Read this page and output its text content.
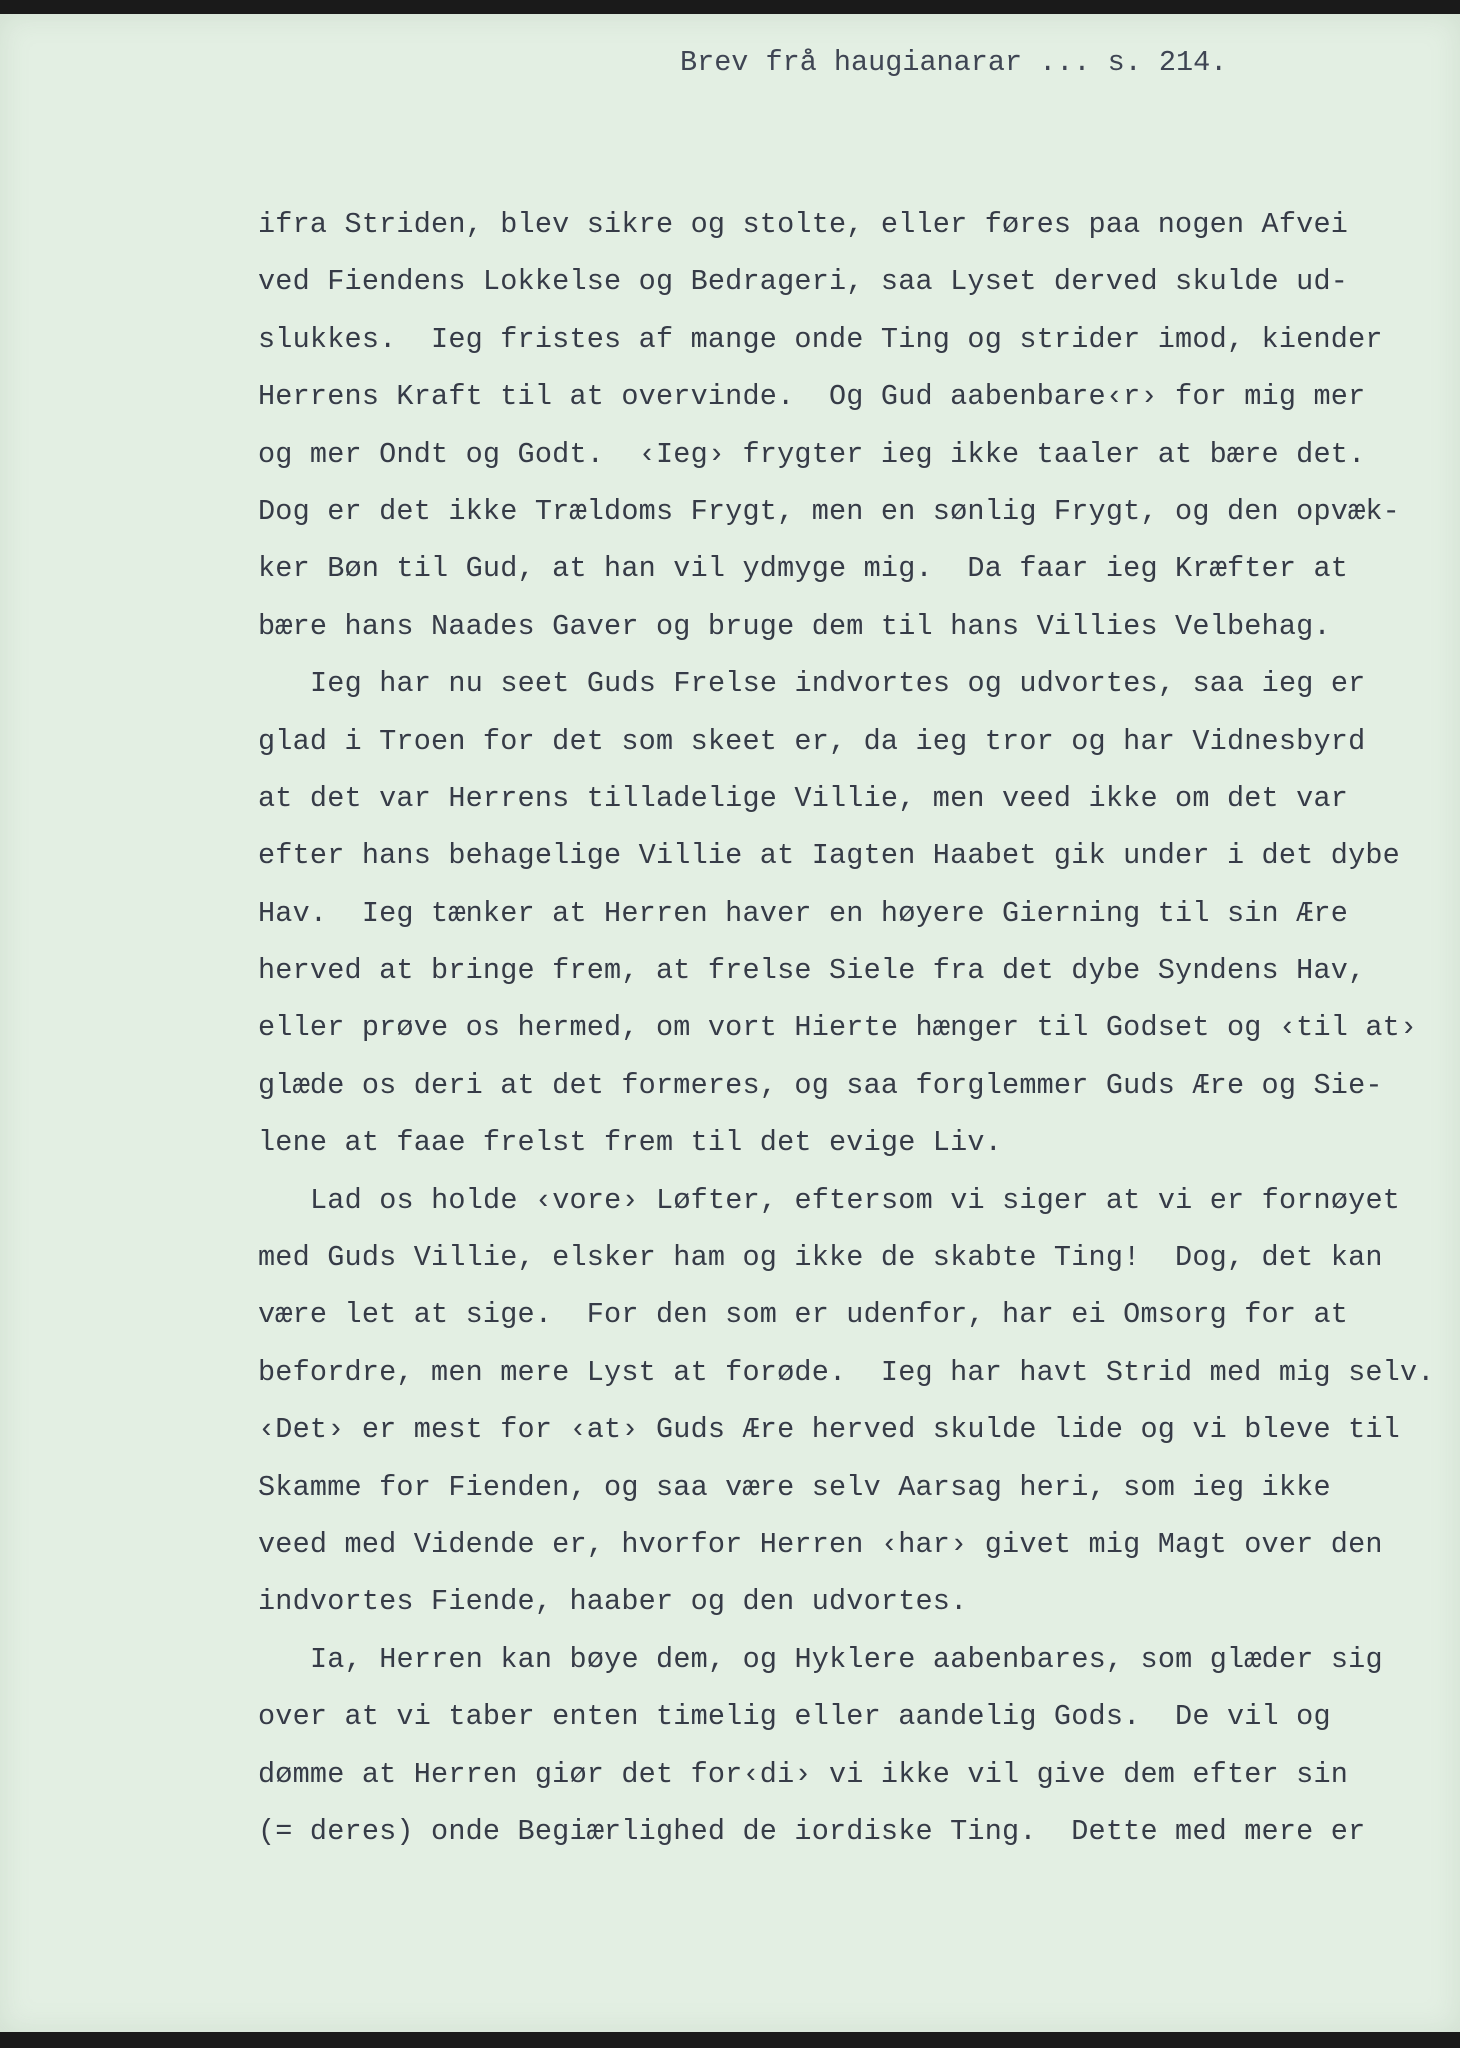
Brev frå haugianarar ... s. 214.
ifra Striden, blev sikre og stolte, eller føres paa nogen Afvei
ved Fiendens Lokkelse og Bedrageri, saa Lyset derved skulde ud-
slukkes.  Ieg fristes af mange onde Ting og strider imod, kiender
Herrens Kraft til at overvinde.  Og Gud aabenbare‹r› for mig mer
og mer Ondt og Godt.  ‹Ieg› frygter ieg ikke taaler at bære det.
Dog er det ikke Trældoms Frygt, men en sønlig Frygt, og den opvæk-
ker Bøn til Gud, at han vil ydmyge mig.  Da faar ieg Kræfter at
bære hans Naades Gaver og bruge dem til hans Villies Velbehag.
Ieg har nu seet Guds Frelse indvortes og udvortes, saa ieg er
glad i Troen for det som skeet er, da ieg tror og har Vidnesbyrd
at det var Herrens tilladelige Villie, men veed ikke om det var
efter hans behagelige Villie at Iagten Haabet gik under i det dybe
Hav.  Ieg tænker at Herren haver en høyere Gierning til sin Ære
herved at bringe frem, at frelse Siele fra det dybe Syndens Hav,
eller prøve os hermed, om vort Hierte hænger til Godset og ‹til at›
glæde os deri at det formeres, og saa forglemmer Guds Ære og Sie-
lene at faae frelst frem til det evige Liv.
Lad os holde ‹vore› Løfter, eftersom vi siger at vi er fornøyet
med Guds Villie, elsker ham og ikke de skabte Ting!  Dog, det kan
være let at sige.  For den som er udenfor, har ei Omsorg for at
befordre, men mere Lyst at forøde.  Ieg har havt Strid med mig selv.
‹Det› er mest for ‹at› Guds Ære herved skulde lide og vi bleve til
Skamme for Fienden, og saa være selv Aarsag heri, som ieg ikke
veed med Vidende er, hvorfor Herren ‹har› givet mig Magt over den
indvortes Fiende, haaber og den udvortes.
Ia, Herren kan bøye dem, og Hyklere aabenbares, som glæder sig
over at vi taber enten timelig eller aandelig Gods.  De vil og
dømme at Herren giør det for‹di› vi ikke vil give dem efter sin
(= deres) onde Begiærlighed de iordiske Ting.  Dette med mere er
